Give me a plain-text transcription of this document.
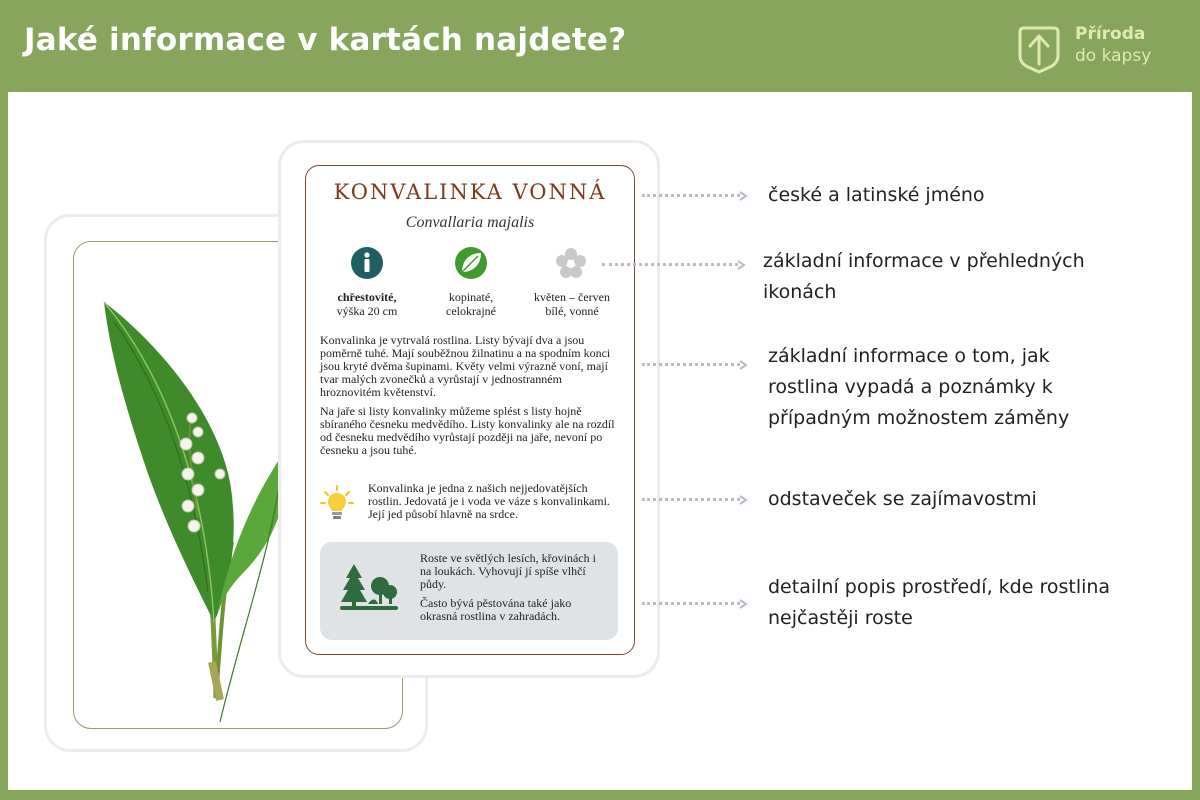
Jaké informace v kartách najdete?	Příroda
do kapsy
KONVALINKA VONNÁ
Convallaria majalis
chřestovité,
výška 20 cm
kopinaté,
celokrajné
květen – červen
bílé, vonné

Konvalinka je vytrvalá rostlina. Listy bývají dva a jsou poměrně tuhé. Mají souběžnou žilnatinu a na spodním konci jsou kryté dvěma šupinami. Květy velmi výrazně voní, mají tvar malých zvonečků a vyrůstají v jednostranném hroznovitém květenství.

Na jaře si listy konvalinky můžeme splést s listy hojně sbíraného česneku medvědího. Listy konvalinky ale na rozdíl od česneku medvědího vyrůstají později na jaře, nevoní po česneku a jsou tuhé.

Konvalinka je jedna z našich nejjedovatějších rostlin. Jedovatá je i voda ve váze s konvalinkami. Její jed působí hlavně na srdce.

Roste ve světlých lesích, křovinách i na loukách. Vyhovují jí spíše vlhčí půdy.

Často bývá pěstována také jako okrasná rostlina v zahradách.

české a latinské jméno
základní informace v přehledných ikonách
základní informace o tom, jak rostlina vypadá a poznámky k případným možnostem záměny
odstaveček se zajímavostmi
detailní popis prostředí, kde rostlina nejčastěji roste
